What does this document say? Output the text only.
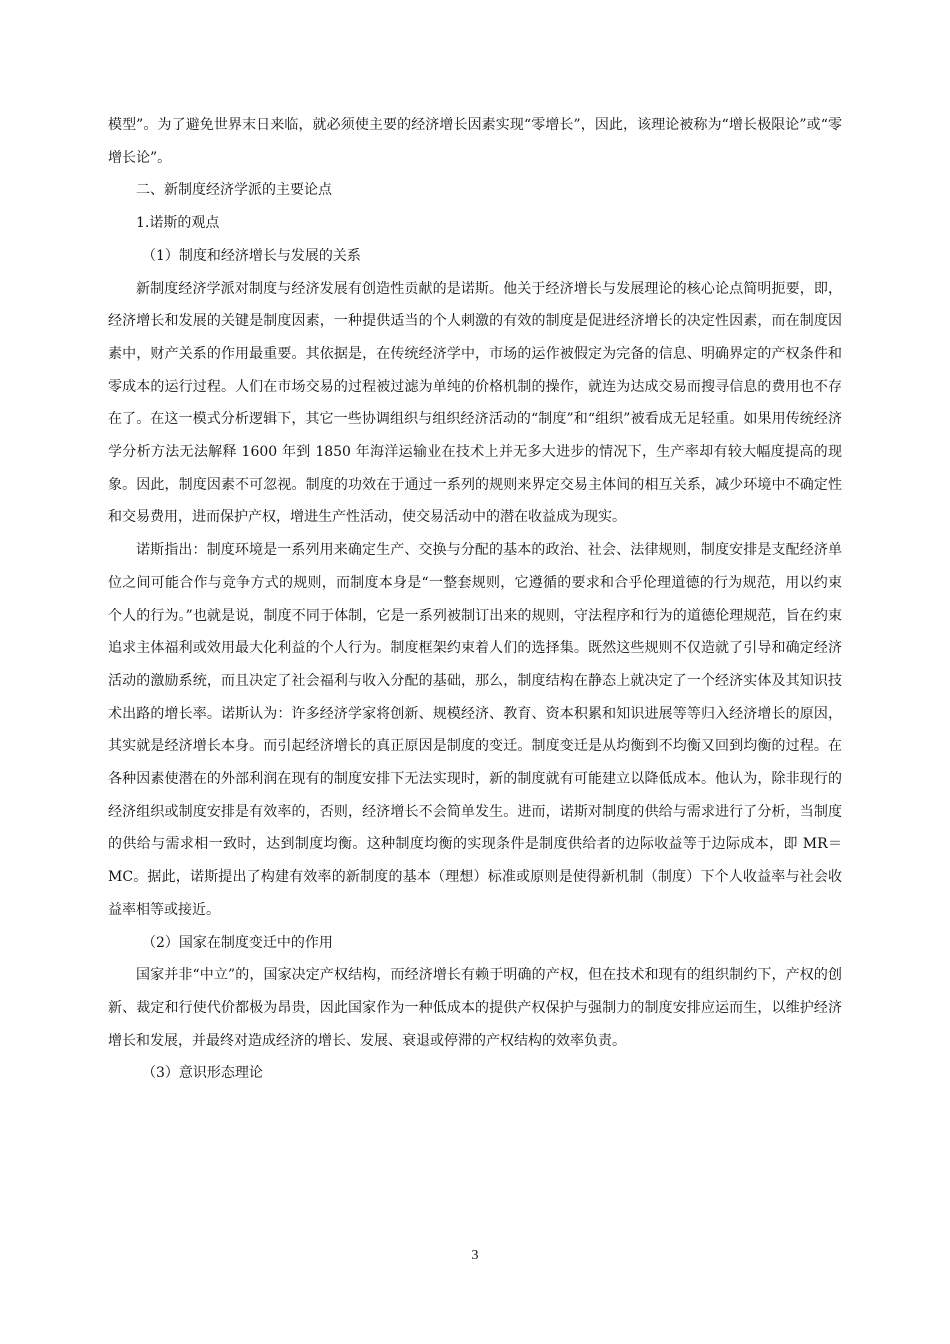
模型”。为了避免世界末日来临，就必须使主要的经济增长因素实现“零增长”，因此，该理论被称为“增长极限论”或“零增长论”。

二、新制度经济学派的主要论点

1.诺斯的观点

（1）制度和经济增长与发展的关系

新制度经济学派对制度与经济发展有创造性贡献的是诺斯。他关于经济增长与发展理论的核心论点简明扼要，即，经济增长和发展的关键是制度因素，一种提供适当的个人刺激的有效的制度是促进经济增长的决定性因素，而在制度因素中，财产关系的作用最重要。其依据是，在传统经济学中，市场的运作被假定为完备的信息、明确界定的产权条件和零成本的运行过程。人们在市场交易的过程被过滤为单纯的价格机制的操作，就连为达成交易而搜寻信息的费用也不存在了。在这一模式分析逻辑下，其它一些协调组织与组织经济活动的“制度”和“组织”被看成无足轻重。如果用传统经济学分析方法无法解释 1600 年到 1850 年海洋运输业在技术上并无多大进步的情况下，生产率却有较大幅度提高的现象。因此，制度因素不可忽视。制度的功效在于通过一系列的规则来界定交易主体间的相互关系，减少环境中不确定性和交易费用，进而保护产权，增进生产性活动，使交易活动中的潜在收益成为现实。

诺斯指出：制度环境是一系列用来确定生产、交换与分配的基本的政治、社会、法律规则，制度安排是支配经济单位之间可能合作与竞争方式的规则，而制度本身是“一整套规则，它遵循的要求和合乎伦理道德的行为规范，用以约束个人的行为。”也就是说，制度不同于体制，它是一系列被制订出来的规则，守法程序和行为的道德伦理规范，旨在约束追求主体福利或效用最大化利益的个人行为。制度框架约束着人们的选择集。既然这些规则不仅造就了引导和确定经济活动的激励系统，而且决定了社会福利与收入分配的基础，那么，制度结构在静态上就决定了一个经济实体及其知识技术出路的增长率。诺斯认为：许多经济学家将创新、规模经济、教育、资本积累和知识进展等等归入经济增长的原因，其实就是经济增长本身。而引起经济增长的真正原因是制度的变迁。制度变迁是从均衡到不均衡又回到均衡的过程。在各种因素使潜在的外部利润在现有的制度安排下无法实现时，新的制度就有可能建立以降低成本。他认为，除非现行的经济组织或制度安排是有效率的，否则，经济增长不会简单发生。进而，诺斯对制度的供给与需求进行了分析，当制度的供给与需求相一致时，达到制度均衡。这种制度均衡的实现条件是制度供给者的边际收益等于边际成本，即 MR＝MC。据此，诺斯提出了构建有效率的新制度的基本（理想）标准或原则是使得新机制（制度）下个人收益率与社会收益率相等或接近。

（2）国家在制度变迁中的作用

国家并非“中立”的，国家决定产权结构，而经济增长有赖于明确的产权，但在技术和现有的组织制约下，产权的创新、裁定和行使代价都极为昂贵，因此国家作为一种低成本的提供产权保护与强制力的制度安排应运而生，以维护经济增长和发展，并最终对造成经济的增长、发展、衰退或停滞的产权结构的效率负责。

（3）意识形态理论

3
